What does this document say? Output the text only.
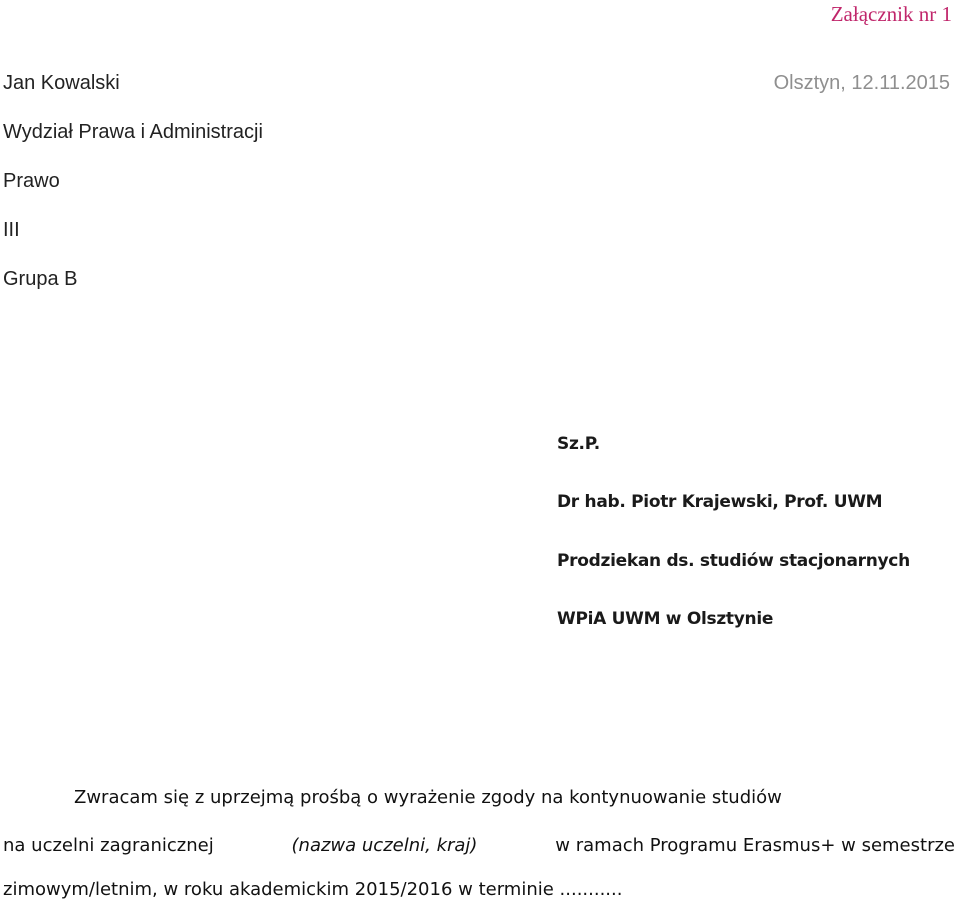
Załącznik nr 1
Olsztyn, 12.11.2015
Jan Kowalski
Wydział Prawa i Administracji
Prawo
III
Grupa B
Sz.P.
Dr hab. Piotr Krajewski, Prof. UWM
Prodziekan ds. studiów stacjonarnych
WPiA UWM w Olsztynie
Zwracam się z uprzejmą prośbą o wyrażenie zgody na kontynuowanie studiów
na uczelni zagranicznej	(nazwa uczelni, kraj)	w ramach Programu Erasmus+ w semestrze
zimowym/letnim, w roku akademickim 2015/2016 w terminie ...........
